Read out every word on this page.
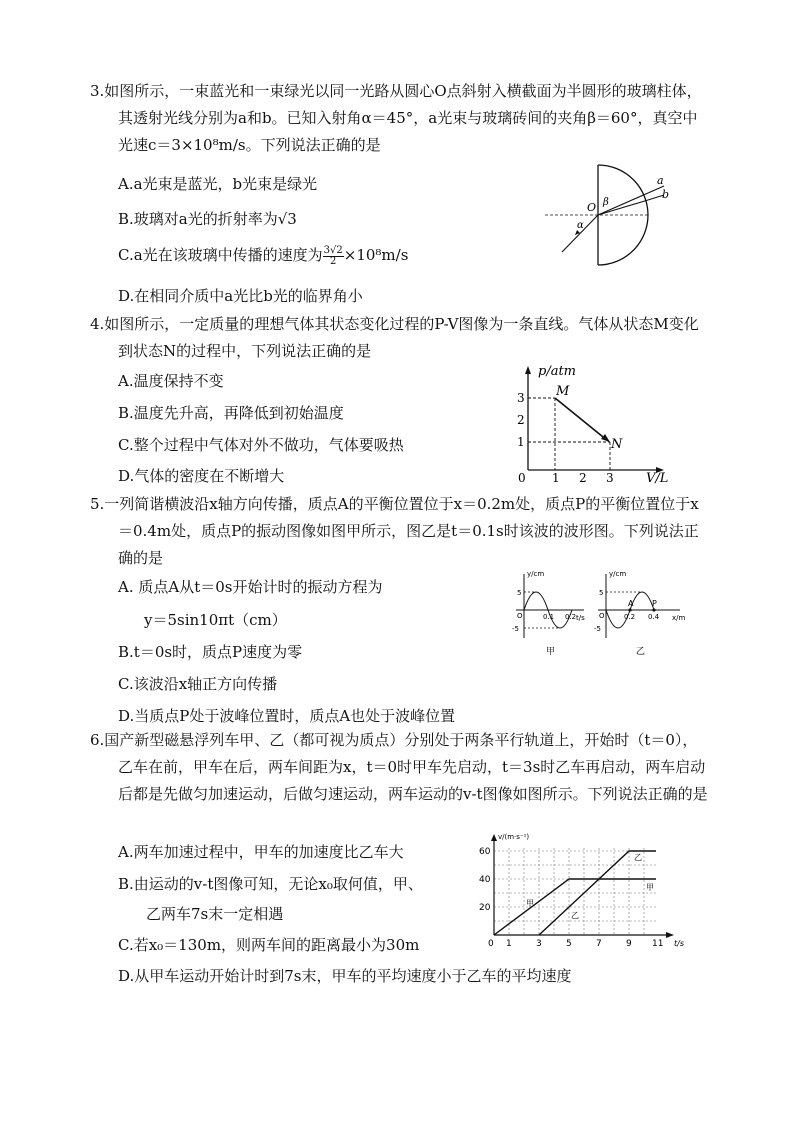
3.如图所示，一束蓝光和一束绿光以同一光路从圆心O点斜射入横截面为半圆形的玻璃柱体，其透射光线分别为a和b。已知入射角α＝45°，a光束与玻璃砖间的夹角β＝60°，真空中光速c＝3×10⁸m/s。下列说法正确的是

A.a光束是蓝光，b光束是绿光
B.玻璃对a光的折射率为√3
C.a光在该玻璃中传播的速度为 $\frac{3√2}{2} \times 10^8m/s$
D.在相同介质中a光比b光的临界角小
O β
α
a
b

4.如图所示，一定质量的理想气体其状态变化过程的P-V图像为一条直线。气体从状态M变化到状态N的过程中，下列说法正确的是

A.温度保持不变
B.温度先升高，再降低到初始温度
C.整个过程中气体对外不做功，气体要吸热
D.气体的密度在不断增大
p/atm
V/L
M
N
0 1 2 3
1
2
3

5.一列简谐横波沿x轴方向传播，质点A的平衡位置位于x＝0.2m处，质点P的平衡位置位于x＝0.4m处，质点P的振动图像如图甲所示，图乙是t＝0.1s时该波的波形图。下列说法正确的是

A. 质点A从t＝0s开始计时的振动方程为
y＝5sin10πt（cm）
B.t＝0s时，质点P速度为零
C.该波沿x轴正方向传播
D.当质点P处于波峰位置时，质点A也处于波峰位置
y/cm
t/s
5
-5
O	0.1 0.2
甲
y/cm
x/m
5
-5
O	0.2 0.4
A P
乙

6.国产新型磁悬浮列车甲、乙（都可视为质点）分别处于两条平行轨道上，开始时（t＝0），乙车在前，甲车在后，两车间距为x，t＝0时甲车先启动，t＝3s时乙车再启动，两车启动后都是先做匀加速运动，后做匀速运动，两车运动的v-t图像如图所示。下列说法正确的是

A.两车加速过程中，甲车的加速度比乙车大
B.由运动的v-t图像可知，无论x₀取何值，甲、
乙两车7s末一定相遇
C.若x₀＝130m，则两车间的距离最小为30m
D.从甲车运动开始计时到7s末，甲车的平均速度小于乙车的平均速度
v/(m·s⁻¹)
t/s
60
40
20
0 1	3	5	7	9 11
甲
乙
甲
乙
